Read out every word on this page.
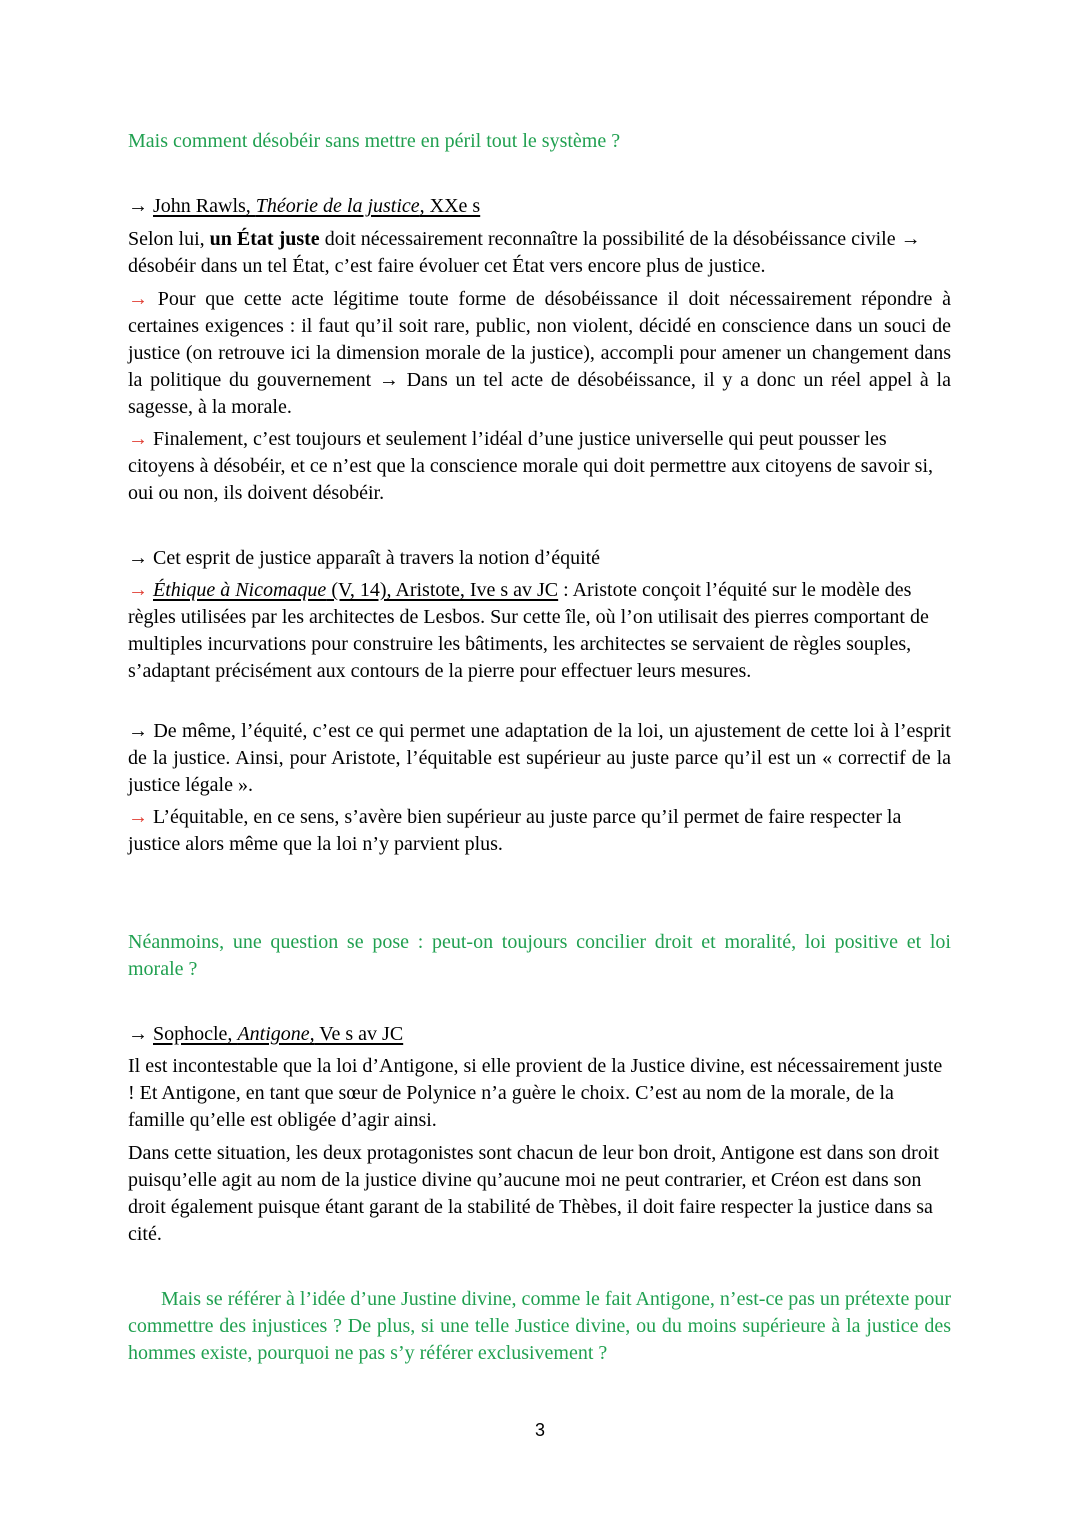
Mais comment désobéir sans mettre en péril tout le système ?

→ John Rawls, Théorie de la justice, XXe s

Selon lui, un État juste doit nécessairement reconnaître la possibilité de la désobéissance civile → désobéir dans un tel État, c’est faire évoluer cet État vers encore plus de justice.

→ Pour que cette acte légitime toute forme de désobéissance il doit nécessairement répondre à certaines exigences : il faut qu’il soit rare, public, non violent, décidé en conscience dans un souci de justice (on retrouve ici la dimension morale de la justice), accompli pour amener un changement dans la politique du gouvernement → Dans un tel acte de désobéissance, il y a donc un réel appel à la sagesse, à la morale.

→ Finalement, c’est toujours et seulement l’idéal d’une justice universelle qui peut pousser les citoyens à désobéir, et ce n’est que la conscience morale qui doit permettre aux citoyens de savoir si, oui ou non, ils doivent désobéir.

→ Cet esprit de justice apparaît à travers la notion d’équité

→ Éthique à Nicomaque (V, 14), Aristote, Ive s av JC : Aristote conçoit l’équité sur le modèle des règles utilisées par les architectes de Lesbos. Sur cette île, où l’on utilisait des pierres comportant de multiples incurvations pour construire les bâtiments, les architectes se servaient de règles souples, s’adaptant précisément aux contours de la pierre pour effectuer leurs mesures.

→ De même, l’équité, c’est ce qui permet une adaptation de la loi, un ajustement de cette loi à l’esprit de la justice. Ainsi, pour Aristote, l’équitable est supérieur au juste parce qu’il est un « correctif de la justice légale ».

→ L’équitable, en ce sens, s’avère bien supérieur au juste parce qu’il permet de faire respecter la justice alors même que la loi n’y parvient plus.

Néanmoins, une question se pose : peut-on toujours concilier droit et moralité, loi positive et loi morale ?

→ Sophocle, Antigone, Ve s av JC

Il est incontestable que la loi d’Antigone, si elle provient de la Justice divine, est nécessairement juste ! Et Antigone, en tant que sœur de Polynice n’a guère le choix. C’est au nom de la morale, de la famille qu’elle est obligée d’agir ainsi.

Dans cette situation, les deux protagonistes sont chacun de leur bon droit, Antigone est dans son droit puisqu’elle agit au nom de la justice divine qu’aucune moi ne peut contrarier, et Créon est dans son droit également puisque étant garant de la stabilité de Thèbes, il doit faire respecter la justice dans sa cité.

Mais se référer à l’idée d’une Justine divine, comme le fait Antigone, n’est-ce pas un prétexte pour commettre des injustices ? De plus, si une telle Justice divine, ou du moins supérieure à la justice des hommes existe, pourquoi ne pas s’y référer exclusivement ?

3
